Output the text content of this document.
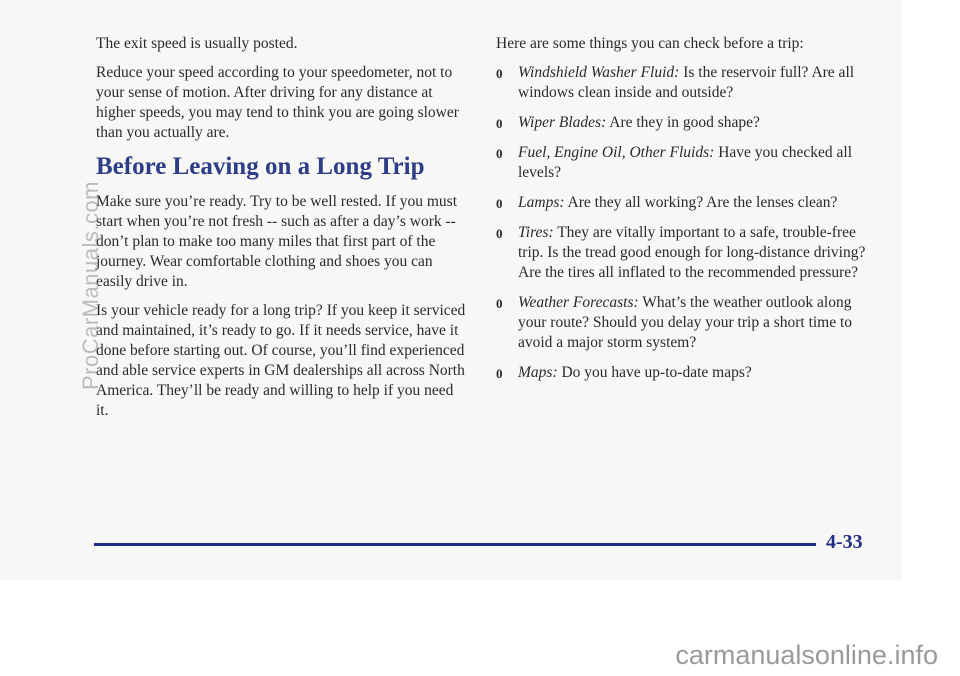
The exit speed is usually posted.

Reduce your speed according to your speedometer, not to your sense of motion. After driving for any distance at higher speeds, you may tend to think you are going slower than you actually are.

Before Leaving on a Long Trip

Make sure you’re ready. Try to be well rested. If you must start when you’re not fresh -- such as after a day’s work -- don’t plan to make too many miles that first part of the journey. Wear comfortable clothing and shoes you can easily drive in.

Is your vehicle ready for a long trip? If you keep it serviced and maintained, it’s ready to go. If it needs service, have it done before starting out. Of course, you’ll find experienced and able service experts in GM dealerships all across North America. They’ll be ready and willing to help if you need it.

Here are some things you can check before a trip:

0 Windshield Washer Fluid: Is the reservoir full? Are all windows clean inside and outside?
0 Wiper Blades: Are they in good shape?
0 Fuel, Engine Oil, Other Fluids: Have you checked all levels?
0 Lamps: Are they all working? Are the lenses clean?
0 Tires: They are vitally important to a safe, trouble-free trip. Is the tread good enough for long-distance driving? Are the tires all inflated to the recommended pressure?
0 Weather Forecasts: What’s the weather outlook along your route? Should you delay your trip a short time to avoid a major storm system?
0 Maps: Do you have up-to-date maps?
4-33
ProCarManuals.com
carmanualsonline.info
